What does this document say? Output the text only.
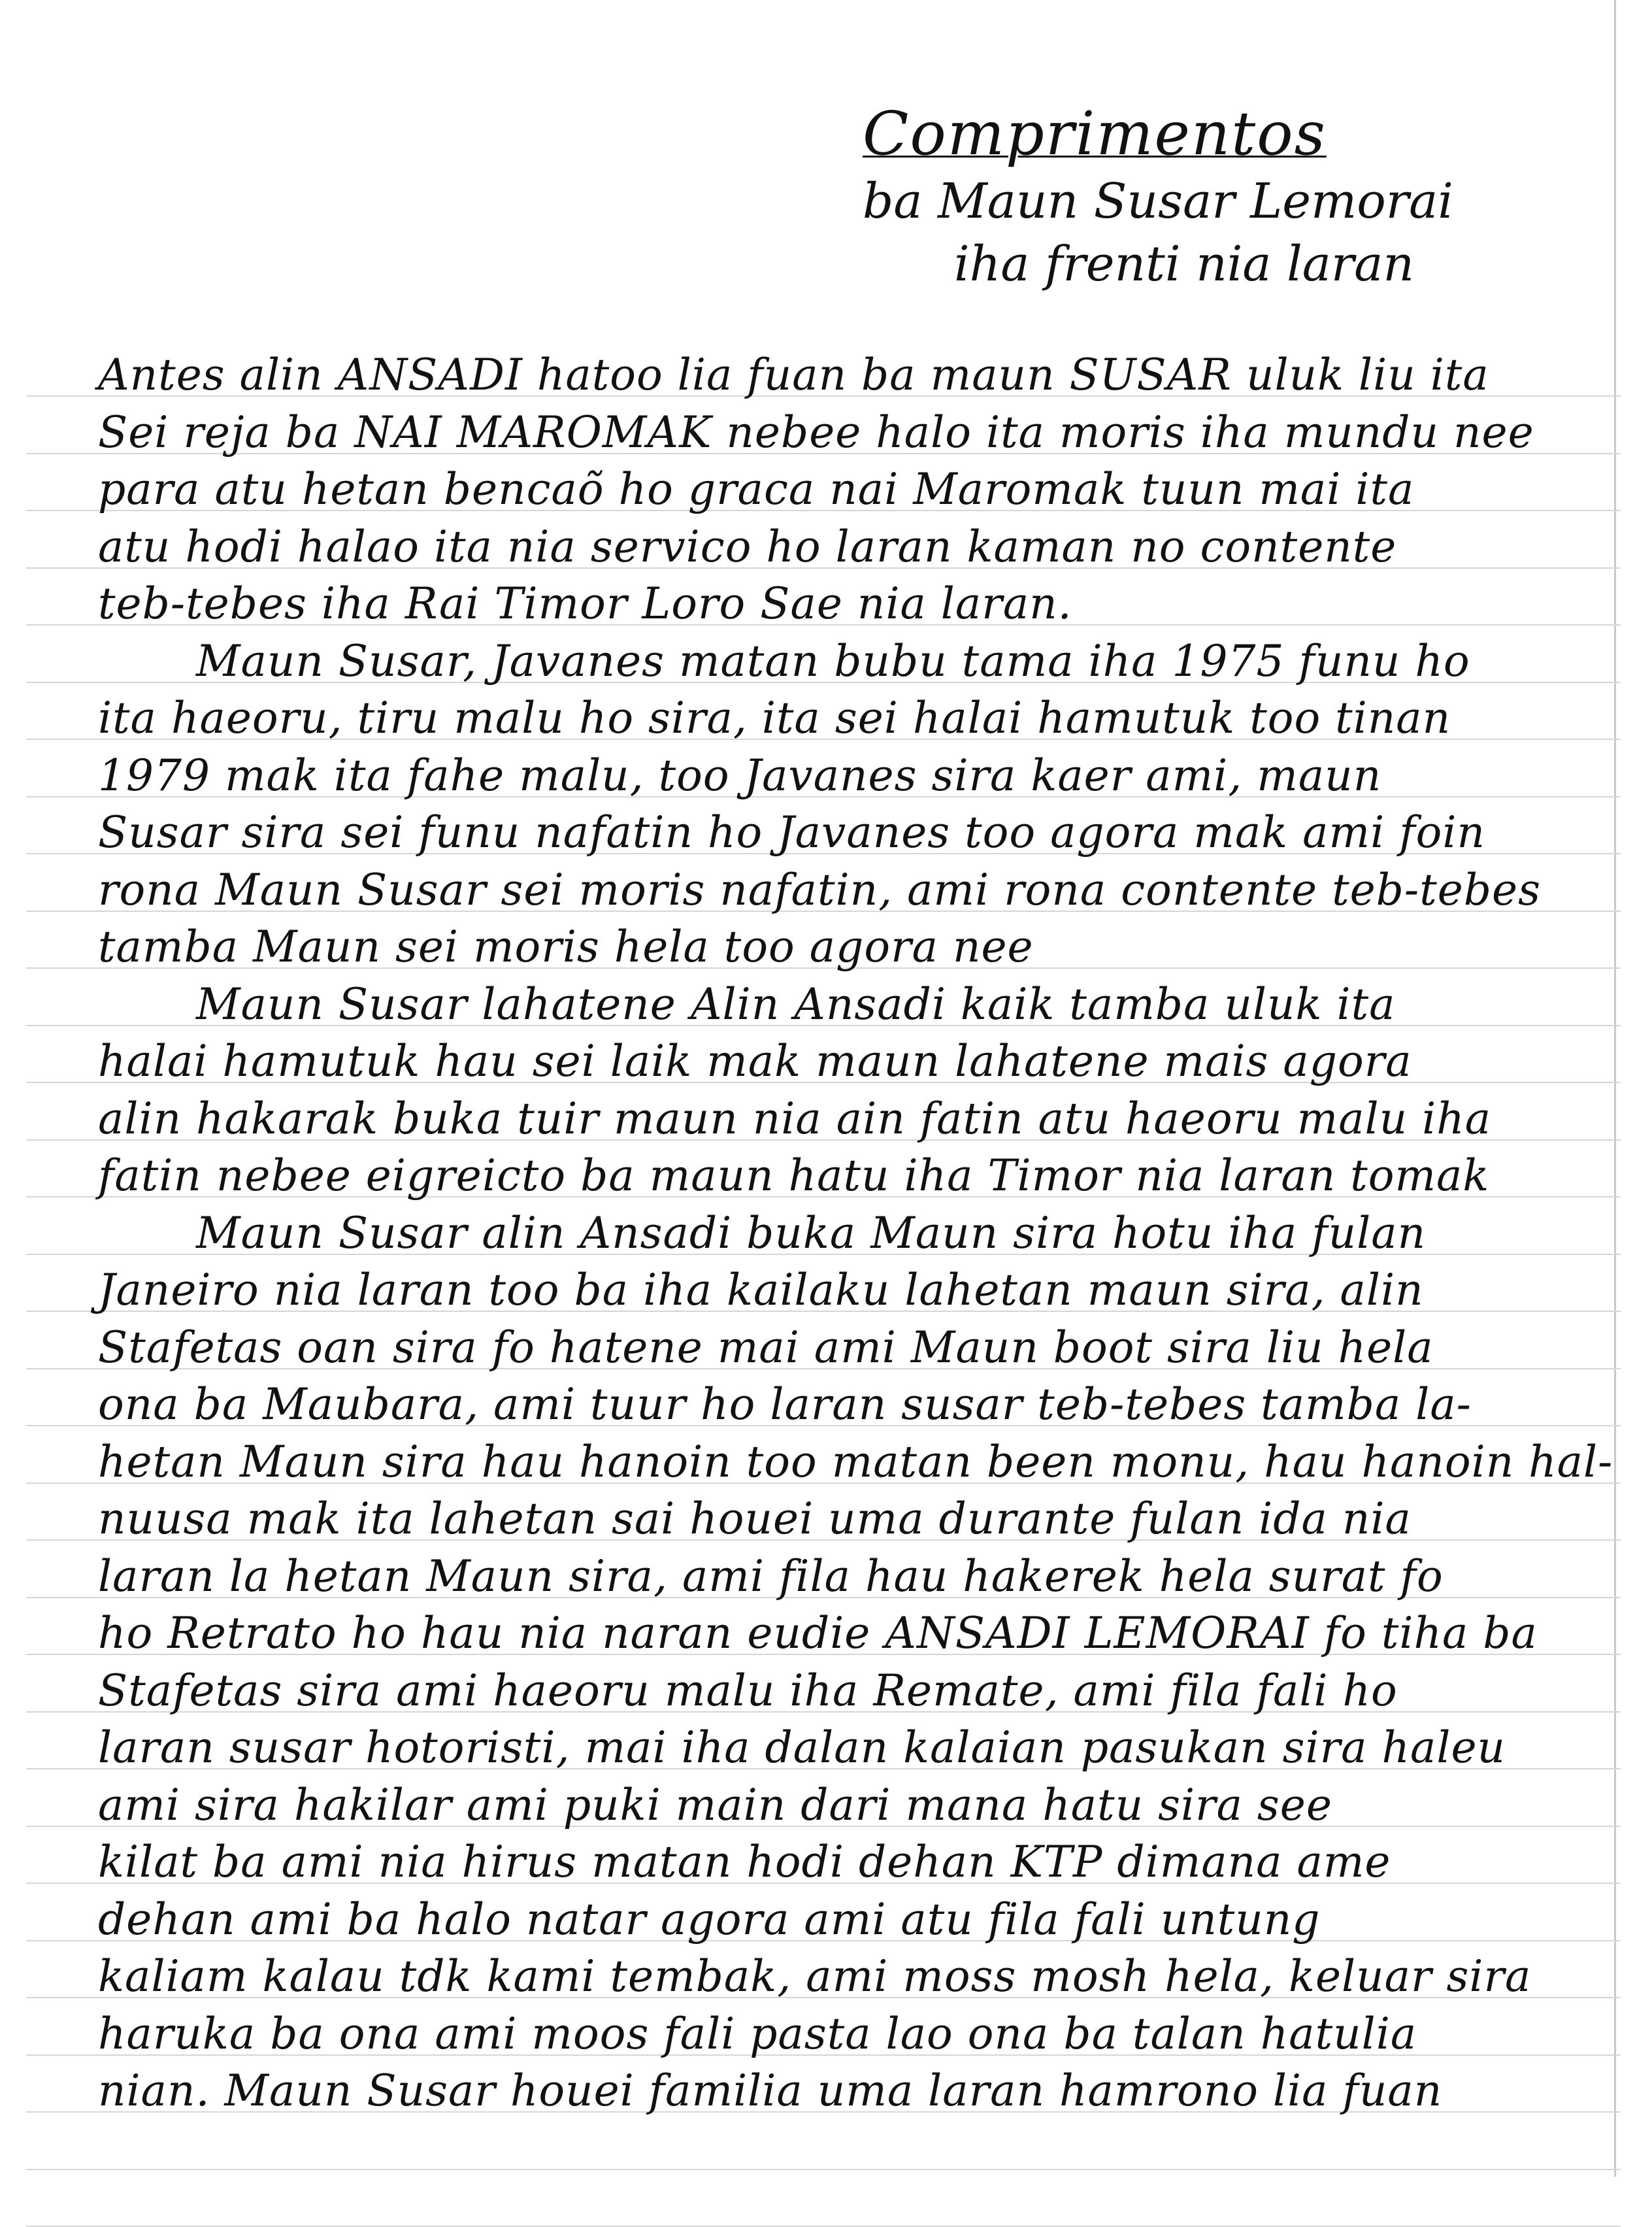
Comprimentos

ba Maun Susar Lemorai

iha frenti nia laran

Antes alin ANSADI hatoo lia fuan ba maun SUSAR uluk liu ita

Sei reja ba NAI MAROMAK nebee halo ita moris iha mundu nee

para atu hetan bencaõ ho graca nai Maromak tuun mai ita

atu hodi halao ita nia servico ho laran kaman no contente

teb-tebes iha Rai Timor Loro Sae nia laran.

Maun Susar, Javanes matan bubu tama iha 1975 funu ho

ita haeoru, tiru malu ho sira, ita sei halai hamutuk too tinan

1979 mak ita fahe malu, too Javanes sira kaer ami, maun

Susar sira sei funu nafatin ho Javanes too agora mak ami foin

rona Maun Susar sei moris nafatin, ami rona contente teb-tebes

tamba Maun sei moris hela too agora nee

Maun Susar lahatene Alin Ansadi kaik tamba uluk ita

halai hamutuk hau sei laik mak maun lahatene mais agora

alin hakarak buka tuir maun nia ain fatin atu haeoru malu iha

fatin nebee eigreicto ba maun hatu iha Timor nia laran tomak

Maun Susar alin Ansadi buka Maun sira hotu iha fulan

Janeiro nia laran too ba iha kailaku lahetan maun sira, alin

Stafetas oan sira fo hatene mai ami Maun boot sira liu hela

ona ba Maubara, ami tuur ho laran susar teb-tebes tamba la-

hetan Maun sira hau hanoin too matan been monu, hau hanoin hal-

nuusa mak ita lahetan sai houei uma durante fulan ida nia

laran la hetan Maun sira, ami fila hau hakerek hela surat fo

ho Retrato ho hau nia naran eudie ANSADI LEMORAI fo tiha ba

Stafetas sira ami haeoru malu iha Remate, ami fila fali ho

laran susar hotoristi, mai iha dalan kalaian pasukan sira haleu

ami sira hakilar ami puki main dari mana hatu sira see

kilat ba ami nia hirus matan hodi dehan KTP dimana ame

dehan ami ba halo natar agora ami atu fila fali untung

kaliam kalau tdk kami tembak, ami moss mosh hela, keluar sira

haruka ba ona ami moos fali pasta lao ona ba talan hatulia

nian. Maun Susar houei familia uma laran hamrono lia fuan
